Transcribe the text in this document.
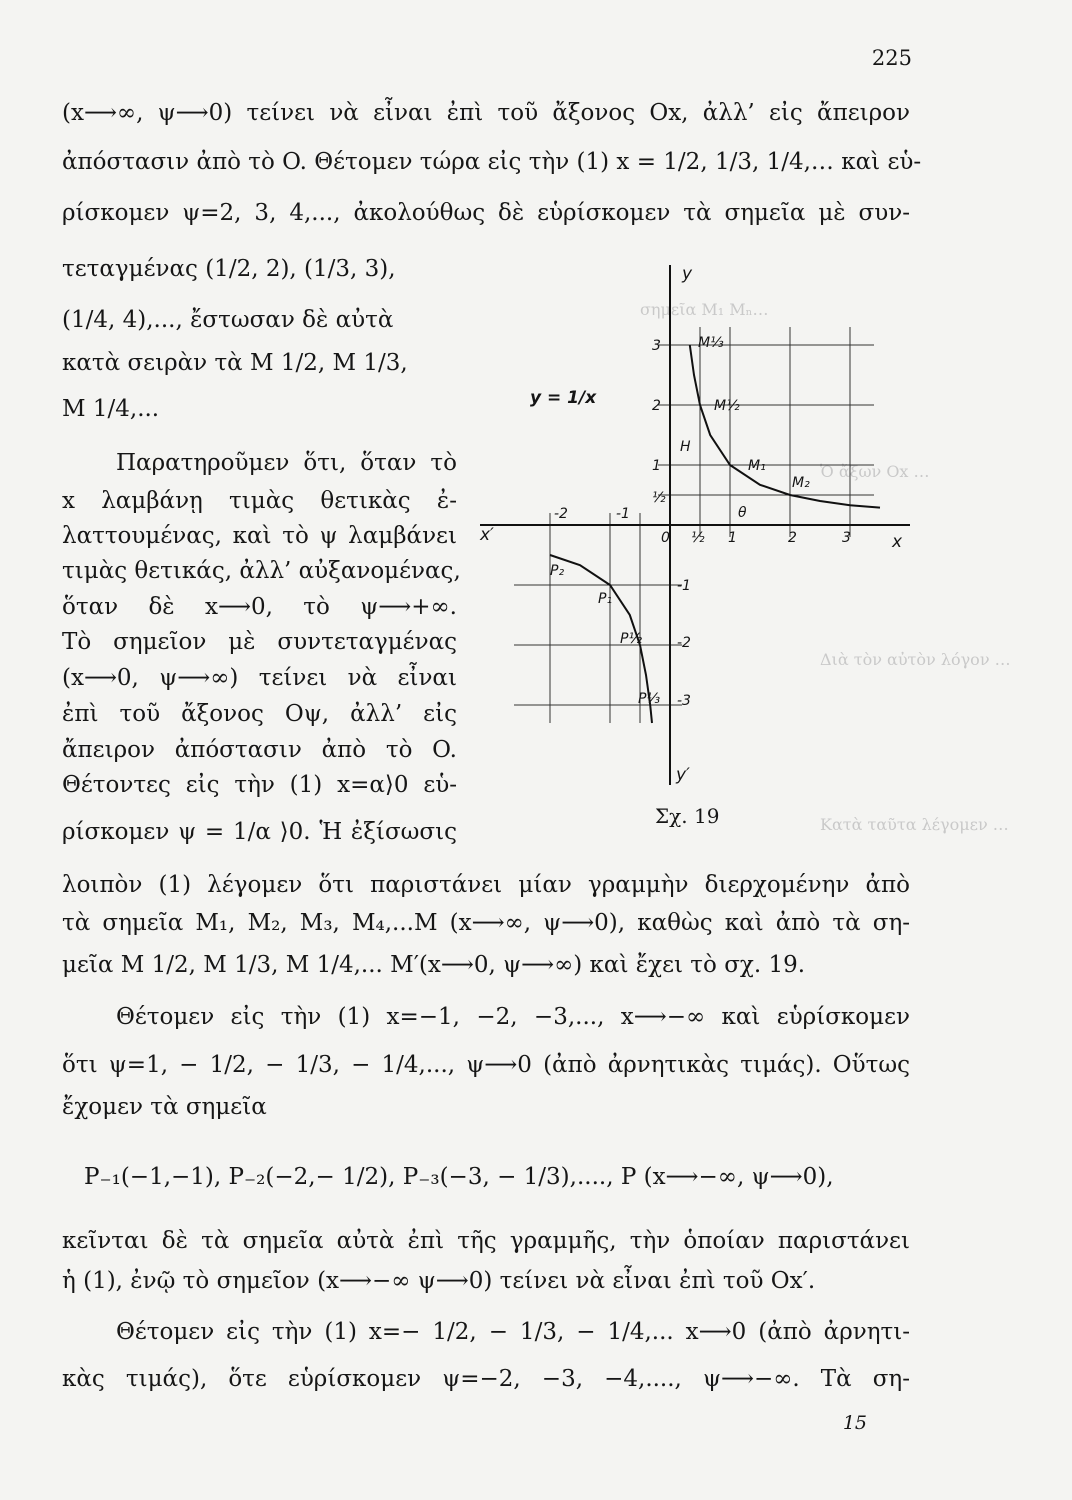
σημεῖα M₁ Mₙ…
Ὁ ἄξων Ox …
Διὰ τὸν αὐτὸν λόγον …
Κατὰ ταῦτα λέγομεν …
225
(x⟶∞, ψ⟶0) τείνει νὰ εἶναι ἐπὶ τοῦ ἄξονος Ox, ἀλλ’ εἰς ἄπειρον
ἀπόστασιν ἀπὸ τὸ O. Θέτομεν τώρα εἰς τὴν (1) x = 1/2, 1/3, 1/4,… καὶ εὑ-
ρίσκομεν ψ=2, 3, 4,..., ἀκολούθως δὲ εὑρίσκομεν τὰ σημεῖα μὲ συν-
τεταγμένας (1/2, 2), (1/3, 3),
(1/4, 4),..., ἔστωσαν δὲ αὐτὰ
κατὰ σειρὰν τὰ M 1/2, M 1/3,
M 1/4,...
Παρατηροῦμεν ὅτι, ὅταν τὸ
x λαμβάνῃ τιμὰς θετικὰς ἐ-
λαττουμένας, καὶ τὸ ψ λαμβάνει
τιμὰς θετικάς, ἀλλ’ αὐξανομένας,
ὅταν δὲ x⟶0, τὸ ψ⟶+∞.
Τὸ σημεῖον μὲ συντεταγμένας
(x⟶0, ψ⟶∞) τείνει νὰ εἶναι
ἐπὶ τοῦ ἄξονος Oψ, ἀλλ’ εἰς
ἄπειρον ἀπόστασιν ἀπὸ τὸ O.
Θέτοντες εἰς τὴν (1) x=α⟩0 εὑ-
ρίσκομεν ψ = 1/α ⟩0. Ἡ ἐξίσωσις
λοιπὸν (1) λέγομεν ὅτι παριστάνει μίαν γραμμὴν διερχομένην ἀπὸ
τὰ σημεῖα M₁, M₂, M₃, M₄,...M (x⟶∞, ψ⟶0), καθὼς καὶ ἀπὸ τὰ ση-
μεῖα M 1/2, M 1/3, M 1/4,... M′(x⟶0, ψ⟶∞) καὶ ἔχει τὸ σχ. 19.
Θέτομεν εἰς τὴν (1) x=−1, −2, −3,..., x⟶−∞ καὶ εὑρίσκομεν
ὅτι ψ=1, − 1/2, − 1/3, − 1/4,..., ψ⟶0 (ἀπὸ ἀρνητικὰς τιμάς). Οὕτως
ἔχομεν τὰ σημεῖα
P₋₁(−1,−1), P₋₂(−2,− 1/2), P₋₃(−3, − 1/3),...., P (x⟶−∞, ψ⟶0),
κεῖνται δὲ τὰ σημεῖα αὐτὰ ἐπὶ τῆς γραμμῆς, τὴν ὁποίαν παριστάνει
ἡ (1), ἐνῷ τὸ σημεῖον (x⟶−∞ ψ⟶0) τείνει νὰ εἶναι ἐπὶ τοῦ Ox′.
Θέτομεν εἰς τὴν (1) x=− 1/2, − 1/3, − 1/4,... x⟶0 (ἀπὸ ἀρνητι-
κὰς τιμάς), ὅτε εὑρίσκομεν ψ=−2, −3, −4,...., ψ⟶−∞. Τὰ ση-
15
y = 1/x
x
x′
y
y′
0
θ
-2	-1
½ 1	2	3
3
2
1
½
-1
-2
-3
M⅓
M½
M₁
M₂
H
P₂
P₁
P½
P⅓
Σχ. 19
